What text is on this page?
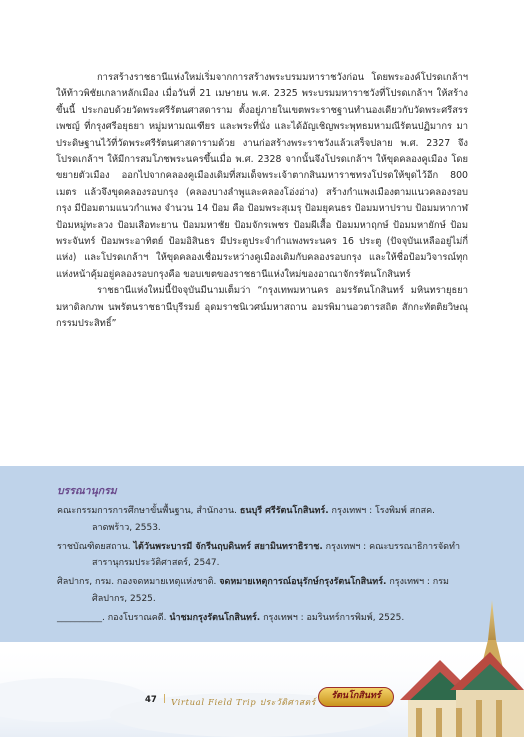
การสร้างราชธานีแห่งใหม่เริ่มจากการสร้างพระบรมมหาราชวังก่อน โดยพระองค์โปรดเกล้าฯ ให้ท้าวพิชัยเกลาหลักเมือง เมื่อวันที่ 21 เมษายน พ.ศ. 2325 พระบรมมหาราชวังที่โปรดเกล้าฯ ให้สร้างขึ้นนี้ ประกอบด้วยวัดพระศรีรัตนศาสดาราม ตั้งอยู่ภายในเขตพระราชฐานทำนองเดียวกับวัดพระศรีสรรเพชญ์ ที่กรุงศรีอยุธยา หมู่มหามณเฑียร และพระที่นั่ง และได้อัญเชิญพระพุทธมหามณีรัตนปฏิมากร มาประดิษฐานไว้ที่วัดพระศรีรัตนศาสดารามด้วย งานก่อสร้างพระราชวังแล้วเสร็จปลาย พ.ศ. 2327 จึงโปรดเกล้าฯ ให้มีการสมโภชพระนครขึ้นเมื่อ พ.ศ. 2328 จากนั้นจึงโปรดเกล้าฯ ให้ขุดคลองคูเมือง โดยขยายตัวเมือง ออกไปจากคลองคูเมืองเดิมที่สมเด็จพระเจ้าตากสินมหาราชทรงโปรดให้ขุดไว้อีก 800 เมตร แล้วจึงขุดคลองรอบกรุง (คลองบางลำพูและคลองโอ่งอ่าง) สร้างกำแพงเมืองตามแนวคลองรอบกรุง มีป้อมตามแนวกำแพง จำนวน 14 ป้อม คือ ป้อมพระสุเมรุ ป้อมยุคนธร ป้อมมหาปราบ ป้อมมหากาฬ ป้อมหมู่ทะลวง ป้อมเสือทะยาน ป้อมมหาชัย ป้อมจักรเพชร ป้อมผีเสื้อ ป้อมมหาฤกษ์ ป้อมมหายักษ์ ป้อมพระจันทร์ ป้อมพระอาทิตย์ ป้อมอิสินธร มีประตูประจำกำแพงพระนคร 16 ประตู (ปัจจุบันเหลืออยู่ไม่กี่แห่ง) และโปรดเกล้าฯ ให้ขุดคลองเชื่อมระหว่างคูเมืองเดิมกับคลองรอบกรุง และให้ชื่อป้อมวิจารณ์ทุกแห่งหน้าคุ้มอยู่คลองรอบกรุงคือ ขอบเขตของราชธานีแห่งใหม่ของอาณาจักรรัตนโกสินทร์

ราชธานีแห่งใหม่นี้ปัจจุบันมีนามเต็มว่า “กรุงเทพมหานคร อมรรัตนโกสินทร์ มหินทรายุธยา มหาดิลกภพ นพรัตนราชธานีบุรีรมย์ อุดมราชนิเวศน์มหาสถาน อมรพิมานอวตารสถิต สักกะทัตติยวิษณุกรรมประสิทธิ์”

บรรณานุกรม

คณะกรรมการการศึกษาขั้นพื้นฐาน, สำนักงาน. ธนบุรี ศรีรัตนโกสินทร์. กรุงเทพฯ : โรงพิมพ์ สกสค. ลาดพร้าว, 2553.

ราชบัณฑิตยสถาน. ไต้วันพระบารมี จักรีนฤบดินทร์ สยามินทราธิราช. กรุงเทพฯ : คณะบรรณาธิการจัดทำสารานุกรมประวัติศาสตร์, 2547.

ศิลปากร, กรม. กองจดหมายเหตุแห่งชาติ. จดหมายเหตุการณ์อนุรักษ์กรุงรัตนโกสินทร์. กรุงเทพฯ : กรมศิลปากร, 2525.

__________. กองโบราณคดี. นำชมกรุงรัตนโกสินทร์. กรุงเทพฯ : อมรินทร์การพิมพ์, 2525.

47 | Virtual Field Trip ประวัติศาสตร์
รัตนโกสินทร์
